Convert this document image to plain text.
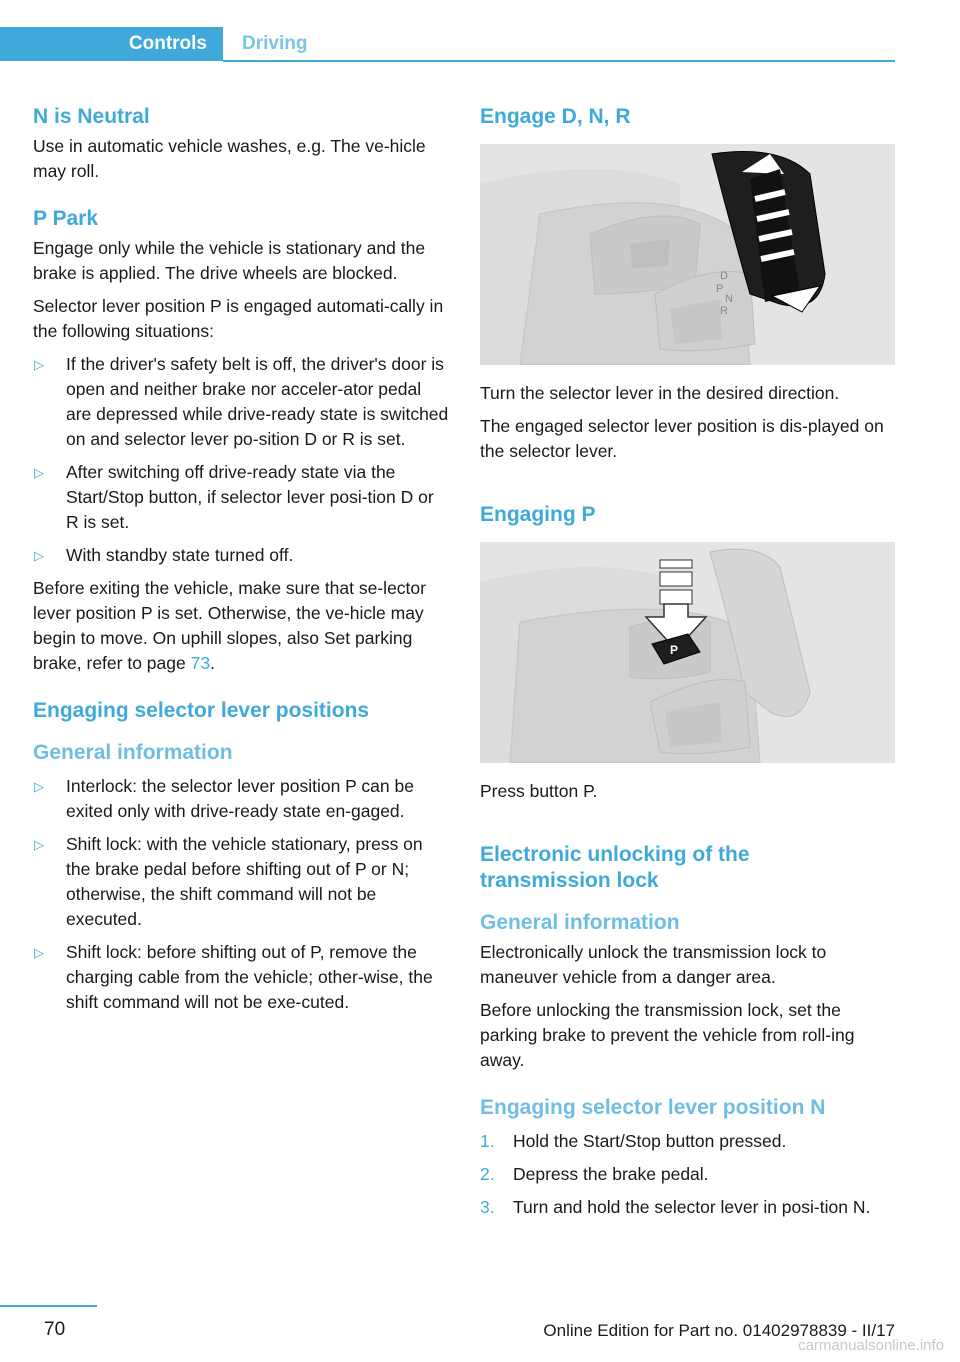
Controls	Driving
N is Neutral

Use in automatic vehicle washes, e.g. The ve-hicle may roll.

P Park

Engage only while the vehicle is stationary and the brake is applied. The drive wheels are blocked.

Selector lever position P is engaged automati-cally in the following situations:

▷ If the driver's safety belt is off, the driver's door is open and neither brake nor acceler-ator pedal are depressed while drive-ready state is switched on and selector lever po-sition D or R is set.
▷ After switching off drive-ready state via the Start/Stop button, if selector lever posi-tion D or R is set.
▷ With standby state turned off.

Before exiting the vehicle, make sure that se-lector lever position P is set. Otherwise, the ve-hicle may begin to move. On uphill slopes, also Set parking brake, refer to page 73.

Engaging selector lever positions
General information
▷ Interlock: the selector lever position P can be exited only with drive-ready state en-gaged.
▷ Shift lock: with the vehicle stationary, press on the brake pedal before shifting out of P or N; otherwise, the shift command will not be executed.
▷ Shift lock: before shifting out of P, remove the charging cable from the vehicle; other-wise, the shift command will not be exe-cuted.
Engage D, N, R
D
P
N
R

Turn the selector lever in the desired direction.

The engaged selector lever position is dis-played on the selector lever.

Engaging P
P

Press button P.

Electronic unlocking of the
transmission lock
General information

Electronically unlock the transmission lock to maneuver vehicle from a danger area.

Before unlocking the transmission lock, set the parking brake to prevent the vehicle from roll-ing away.

Engaging selector lever position N
1. Hold the Start/Stop button pressed.
2. Depress the brake pedal.
3. Turn and hold the selector lever in posi-tion N.
70	Online Edition for Part no. 01402978839 - II/17
carmanualsonline.info
